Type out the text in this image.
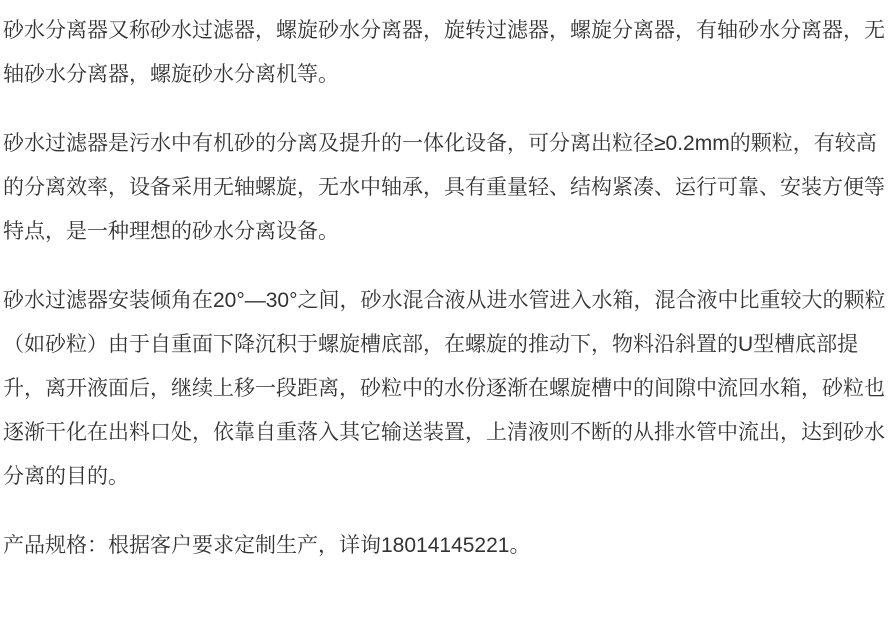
砂水分离器又称砂水过滤器，螺旋砂水分离器，旋转过滤器，螺旋分离器，有轴砂水分离器，无轴砂水分离器，螺旋砂水分离机等。

砂水过滤器是污水中有机砂的分离及提升的一体化设备，可分离出粒径≥0.2mm的颗粒，有较高的分离效率，设备采用无轴螺旋，无水中轴承，具有重量轻、结构紧凑、运行可靠、安装方便等特点，是一种理想的砂水分离设备。

砂水过滤器安装倾角在20°—30°之间，砂水混合液从进水管进入水箱，混合液中比重较大的颗粒（如砂粒）由于自重面下降沉积于螺旋槽底部，在螺旋的推动下，物料沿斜置的U型槽底部提升，离开液面后，继续上移一段距离，砂粒中的水份逐渐在螺旋槽中的间隙中流回水箱，砂粒也逐渐干化在出料口处，依靠自重落入其它输送装置，上清液则不断的从排水管中流出，达到砂水分离的目的。

产品规格：根据客户要求定制生产，详询18014145221。
